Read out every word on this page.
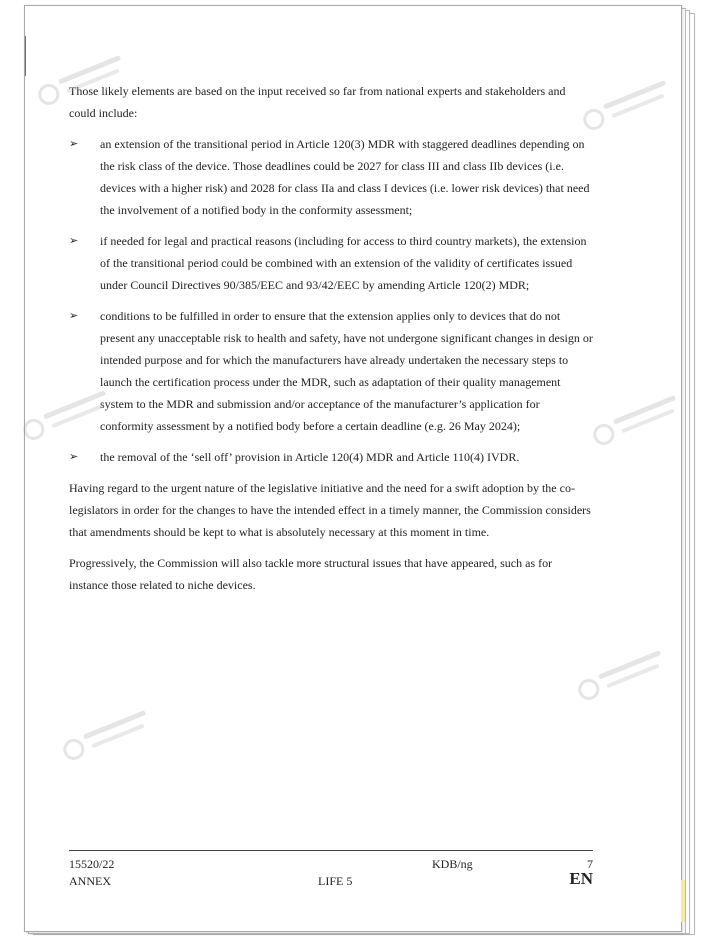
Those likely elements are based on the input received so far from national experts and stakeholders and could include:

➢ an extension of the transitional period in Article 120(3) MDR with staggered deadlines depending on the risk class of the device. Those deadlines could be 2027 for class III and class IIb devices (i.e. devices with a higher risk) and 2028 for class IIa and class I devices (i.e. lower risk devices) that need the involvement of a notified body in the conformity assessment;
➢ if needed for legal and practical reasons (including for access to third country markets), the extension of the transitional period could be combined with an extension of the validity of certificates issued under Council Directives 90/385/EEC and 93/42/EEC by amending Article 120(2) MDR;
➢ conditions to be fulfilled in order to ensure that the extension applies only to devices that do not present any unacceptable risk to health and safety, have not undergone significant changes in design or intended purpose and for which the manufacturers have already undertaken the necessary steps to launch the certification process under the MDR, such as adaptation of their quality management system to the MDR and submission and/or acceptance of the manufacturer’s application for conformity assessment by a notified body before a certain deadline (e.g. 26 May 2024);
➢ the removal of the ‘sell off’ provision in Article 120(4) MDR and Article 110(4) IVDR.

Having regard to the urgent nature of the legislative initiative and the need for a swift adoption by the co-legislators in order for the changes to have the intended effect in a timely manner, the Commission considers that amendments should be kept to what is absolutely necessary at this moment in time.

Progressively, the Commission will also tackle more structural issues that have appeared, such as for instance those related to niche devices.

15520/22
ANNEX
KDB/ng	7
LIFE 5	EN
